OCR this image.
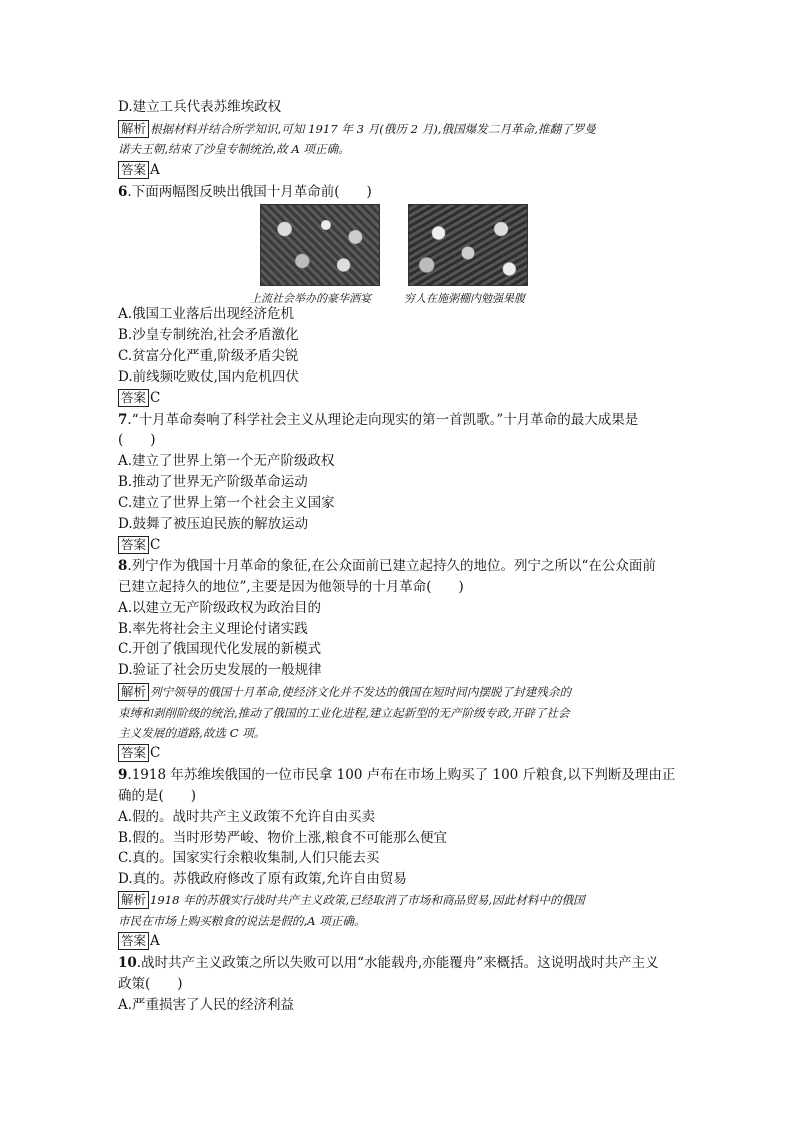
D.建立工兵代表苏维埃政权
解析 根据材料并结合所学知识,可知 1917 年 3 月(俄历 2 月),俄国爆发二月革命,推翻了罗曼
诺夫王朝,结束了沙皇专制统治,故 A 项正确。
答案 A
6.下面两幅图反映出俄国十月革命前(　　)
上流社会举办的豪华酒宴	穷人在施粥棚内勉强果腹
A.俄国工业落后出现经济危机
B.沙皇专制统治,社会矛盾激化
C.贫富分化严重,阶级矛盾尖锐
D.前线频吃败仗,国内危机四伏
答案 C
7.“十月革命奏响了科学社会主义从理论走向现实的第一首凯歌。”十月革命的最大成果是
(　　)
A.建立了世界上第一个无产阶级政权
B.推动了世界无产阶级革命运动
C.建立了世界上第一个社会主义国家
D.鼓舞了被压迫民族的解放运动
答案 C
8.列宁作为俄国十月革命的象征,在公众面前已建立起持久的地位。列宁之所以“在公众面前
已建立起持久的地位”,主要是因为他领导的十月革命(　　)
A.以建立无产阶级政权为政治目的
B.率先将社会主义理论付诸实践
C.开创了俄国现代化发展的新模式
D.验证了社会历史发展的一般规律
解析 列宁领导的俄国十月革命,使经济文化并不发达的俄国在短时间内摆脱了封建残余的
束缚和剥削阶级的统治,推动了俄国的工业化进程,建立起新型的无产阶级专政,开辟了社会
主义发展的道路,故选 C 项。
答案 C
9.1918 年苏维埃俄国的一位市民拿 100 卢布在市场上购买了 100 斤粮食,以下判断及理由正
确的是(　　)
A.假的。战时共产主义政策不允许自由买卖
B.假的。当时形势严峻、物价上涨,粮食不可能那么便宜
C.真的。国家实行余粮收集制,人们只能去买
D.真的。苏俄政府修改了原有政策,允许自由贸易
解析 1918 年的苏俄实行战时共产主义政策,已经取消了市场和商品贸易,因此材料中的俄国
市民在市场上购买粮食的说法是假的,A 项正确。
答案 A
10.战时共产主义政策之所以失败可以用“水能载舟,亦能覆舟”来概括。这说明战时共产主义
政策(　　)
A.严重损害了人民的经济利益
